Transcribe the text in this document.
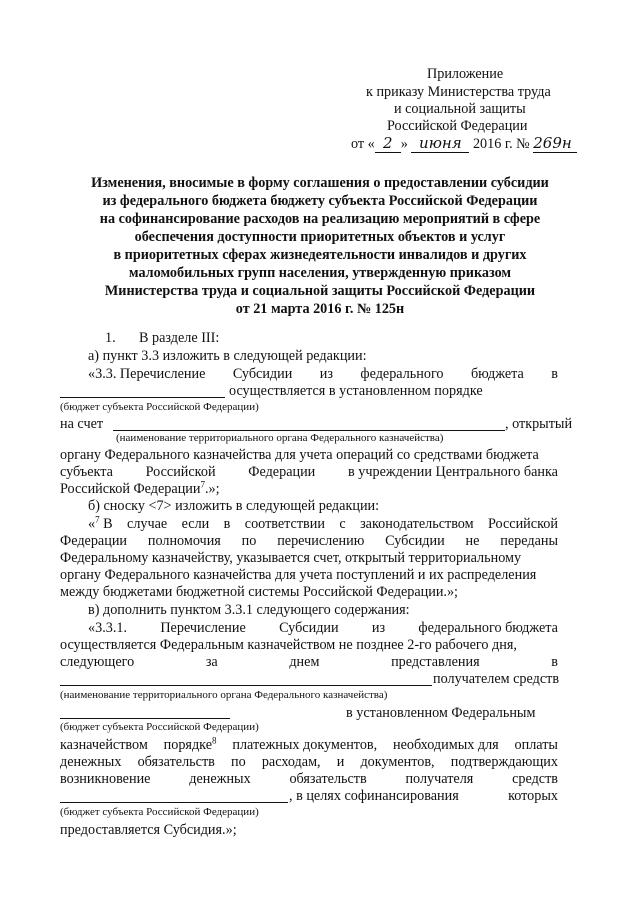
Приложение
к приказу Министерства труда
и социальной защиты
Российской Федерации
от « 2 » июня 2016 г. № 269н
Изменения, вносимые в форму соглашения о предоставлении субсидии
из федерального бюджета бюджету субъекта Российской Федерации
на софинансирование расходов на реализацию мероприятий в сфере
обеспечения доступности приоритетных объектов и услуг
в приоритетных сферах жизнедеятельности инвалидов и других
маломобильных групп населения, утвержденную приказом
Министерства труда и социальной защиты Российской Федерации
от 21 марта 2016 г. № 125н
1. В разделе III:
а) пункт 3.3 изложить в следующей редакции:
«3.3. Перечисление Субсидии из федерального бюджета в
осуществляется в установленном порядке
(бюджет субъекта Российской Федерации)
на счет	, открытый
(наименование территориального органа Федерального казначейства)
органу Федерального казначейства для учета операций со средствами бюджета
субъекта Российской Федерации в учреждении Центрального банка
Российской Федерации$^7$.»;
б) сноску <7> изложить в следующей редакции:
«$^7$ В случае если в соответствии с законодательством Российской
Федерации полномочия по перечислению Субсидии не переданы
Федеральному казначейству, указывается счет, открытый территориальному
органу Федерального казначейства для учета поступлений и их распределения
между бюджетами бюджетной системы Российской Федерации.»;
в) дополнить пунктом 3.3.1 следующего содержания:
«3.3.1. Перечисление Субсидии из федерального бюджета
осуществляется Федеральным казначейством не позднее 2-го рабочего дня,
следующего	за	днем	представления	в
получателем средств
(наименование территориального органа Федерального казначейства)
в установленном Федеральным
(бюджет субъекта Российской Федерации)
казначейством порядке$^8$ платежных документов, необходимых для оплаты
денежных обязательств по расходам, и документов, подтверждающих
возникновение	денежных	обязательств	получателя	средств
, в целях софинансирования	которых
(бюджет субъекта Российской Федерации)
предоставляется Субсидия.»;
